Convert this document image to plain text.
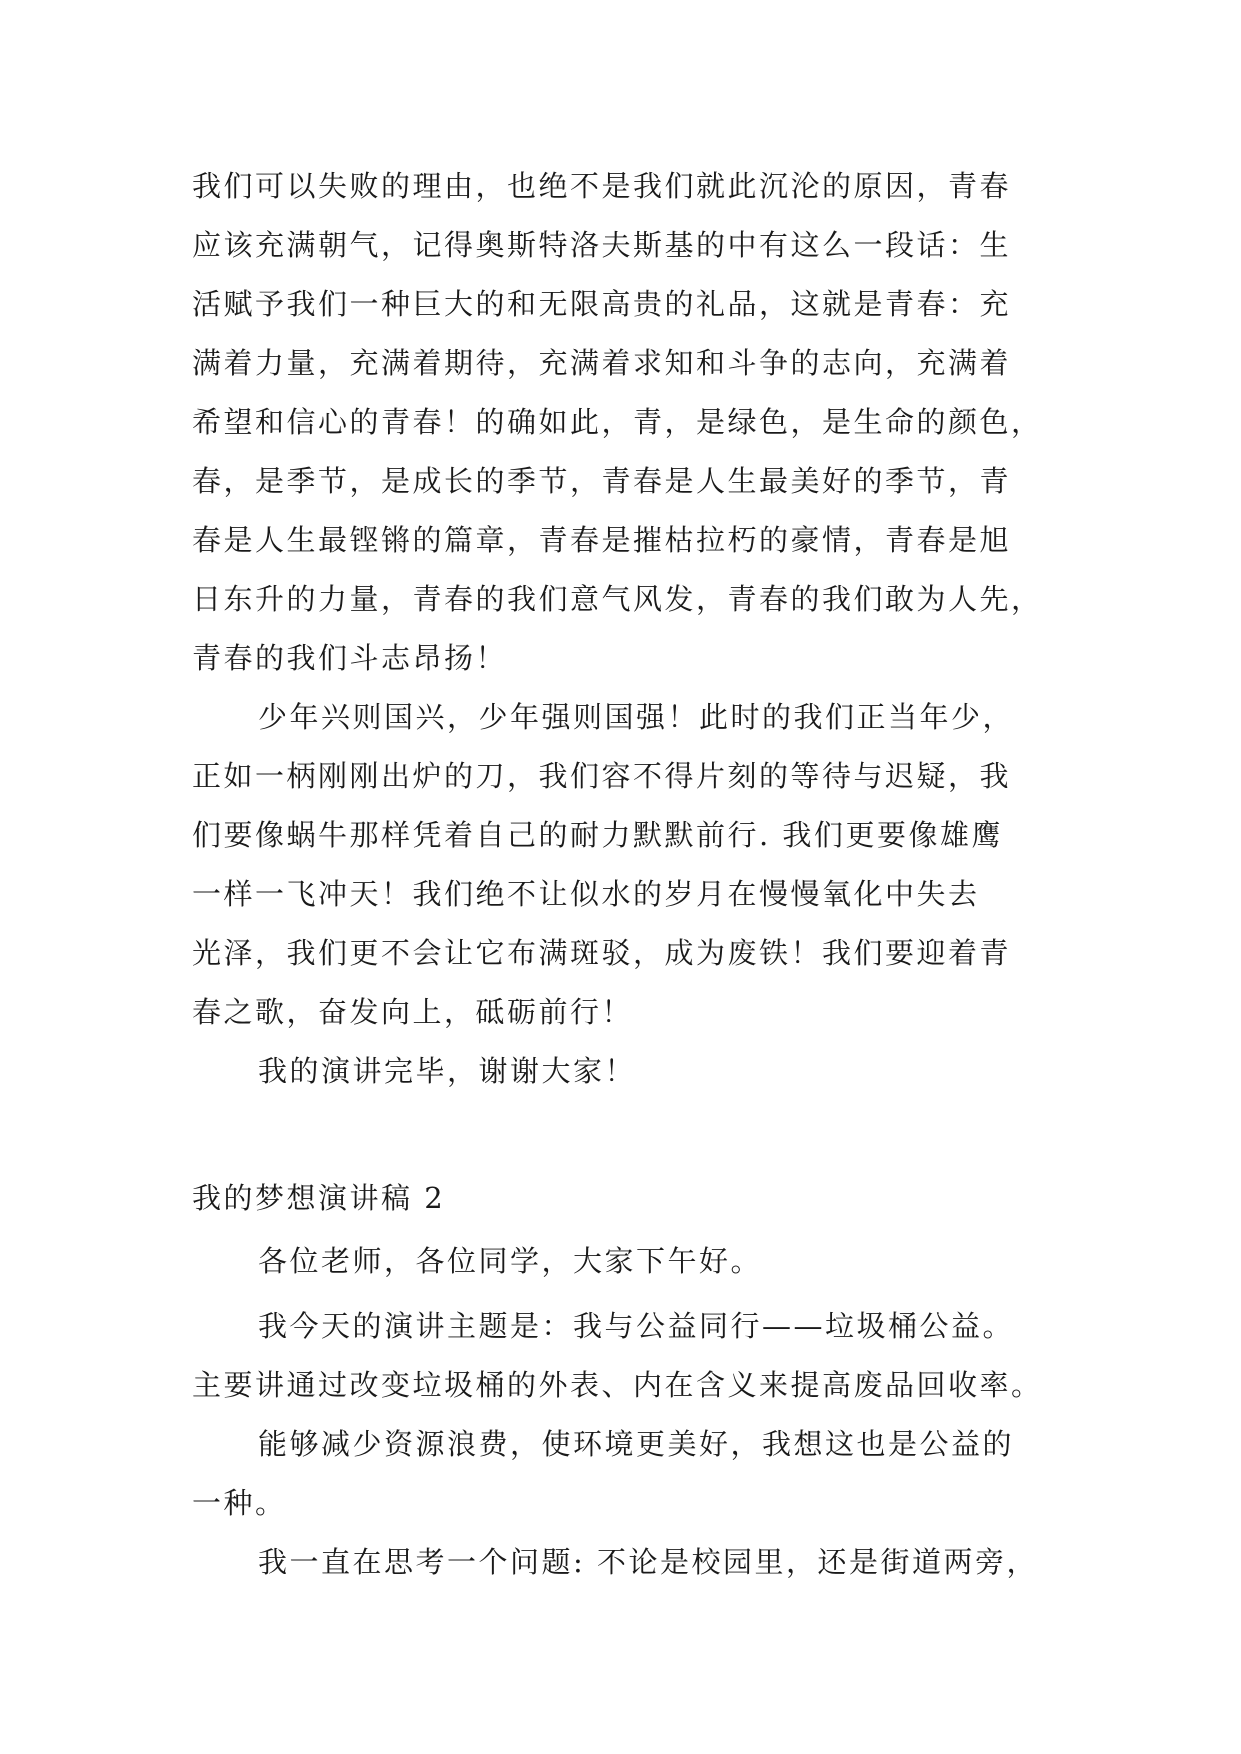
我们可以失败的理由，也绝不是我们就此沉沦的原因，青春
应该充满朝气，记得奥斯特洛夫斯基的中有这么一段话：生
活赋予我们一种巨大的和无限高贵的礼品，这就是青春：充
满着力量，充满着期待，充满着求知和斗争的志向，充满着
希望和信心的青春！的确如此，青，是绿色，是生命的颜色，
春，是季节，是成长的季节，青春是人生最美好的季节，青
春是人生最铿锵的篇章，青春是摧枯拉朽的豪情，青春是旭
日东升的力量，青春的我们意气风发，青春的我们敢为人先，
青春的我们斗志昂扬！
少年兴则国兴，少年强则国强！此时的我们正当年少，
正如一柄刚刚出炉的刀，我们容不得片刻的等待与迟疑，我
们要像蜗牛那样凭着自己的耐力默默前行. 我们更要像雄鹰
一样一飞冲天！我们绝不让似水的岁月在慢慢氧化中失去
光泽，我们更不会让它布满斑驳，成为废铁！我们要迎着青
春之歌，奋发向上，砥砺前行！
我的演讲完毕，谢谢大家！
我的梦想演讲稿 2
各位老师，各位同学，大家下午好。
我今天的演讲主题是：我与公益同行——垃圾桶公益。
主要讲通过改变垃圾桶的外表、内在含义来提高废品回收率。
能够减少资源浪费，使环境更美好，我想这也是公益的
一种。
我一直在思考一个问题: 不论是校园里，还是街道两旁，
